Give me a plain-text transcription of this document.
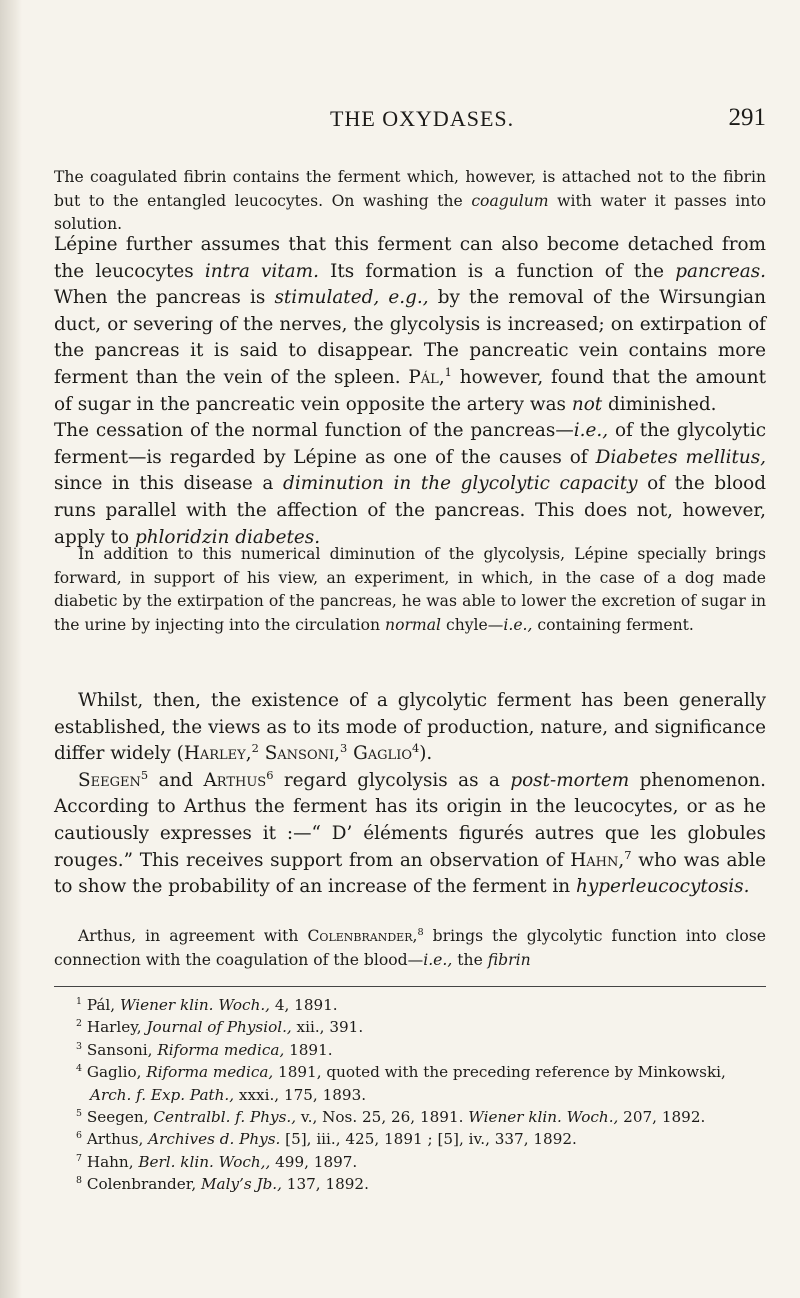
THE OXYDASES.	291

The coagulated fibrin contains the ferment which, however, is attached not to the fibrin but to the entangled leucocytes. On washing the coagulum with water it passes into solution.

Lépine further assumes that this ferment can also become detached from the leucocytes intra vitam. Its formation is a function of the pancreas. When the pancreas is stimulated, e.g., by the removal of the Wirsungian duct, or severing of the nerves, the glycolysis is increased; on extirpation of the pancreas it is said to disappear. The pancreatic vein contains more ferment than the vein of the spleen. Pál,$^1$ however, found that the amount of sugar in the pancreatic vein opposite the artery was not diminished.

The cessation of the normal function of the pancreas—i.e., of the glycolytic ferment—is regarded by Lépine as one of the causes of Diabetes mellitus, since in this disease a diminution in the glycolytic capacity of the blood runs parallel with the affection of the pancreas. This does not, however, apply to phloridzin diabetes.

In addition to this numerical diminution of the glycolysis, Lépine specially brings forward, in support of his view, an experiment, in which, in the case of a dog made diabetic by the extirpation of the pancreas, he was able to lower the excretion of sugar in the urine by injecting into the circulation normal chyle—i.e., containing ferment.

Whilst, then, the existence of a glycolytic ferment has been generally established, the views as to its mode of production, nature, and significance differ widely (Harley,$^2$ Sansoni,$^3$ Gaglio$^4$).

Seegen$^5$ and Arthus$^6$ regard glycolysis as a post-mortem phenomenon. According to Arthus the ferment has its origin in the leucocytes, or as he cautiously expresses it :—“ D’ éléments figurés autres que les globules rouges.” This receives support from an observation of Hahn,$^7$ who was able to show the probability of an increase of the ferment in hyperleucocytosis.

Arthus, in agreement with Colenbrander,$^8$ brings the glycolytic function into close connection with the coagulation of the blood—i.e., the fibrin

$^1$ Pál, Wiener klin. Woch., 4, 1891.

$^2$ Harley, Journal of Physiol., xii., 391.

$^3$ Sansoni, Riforma medica, 1891.

$^4$ Gaglio, Riforma medica, 1891, quoted with the preceding reference by Minkowski, Arch. f. Exp. Path., xxxi., 175, 1893.

$^5$ Seegen, Centralbl. f. Phys., v., Nos. 25, 26, 1891. Wiener klin. Woch., 207, 1892.

$^6$ Arthus, Archives d. Phys. [5], iii., 425, 1891 ; [5], iv., 337, 1892.

$^7$ Hahn, Berl. klin. Woch,, 499, 1897.

$^8$ Colenbrander, Maly’s Jb., 137, 1892.
